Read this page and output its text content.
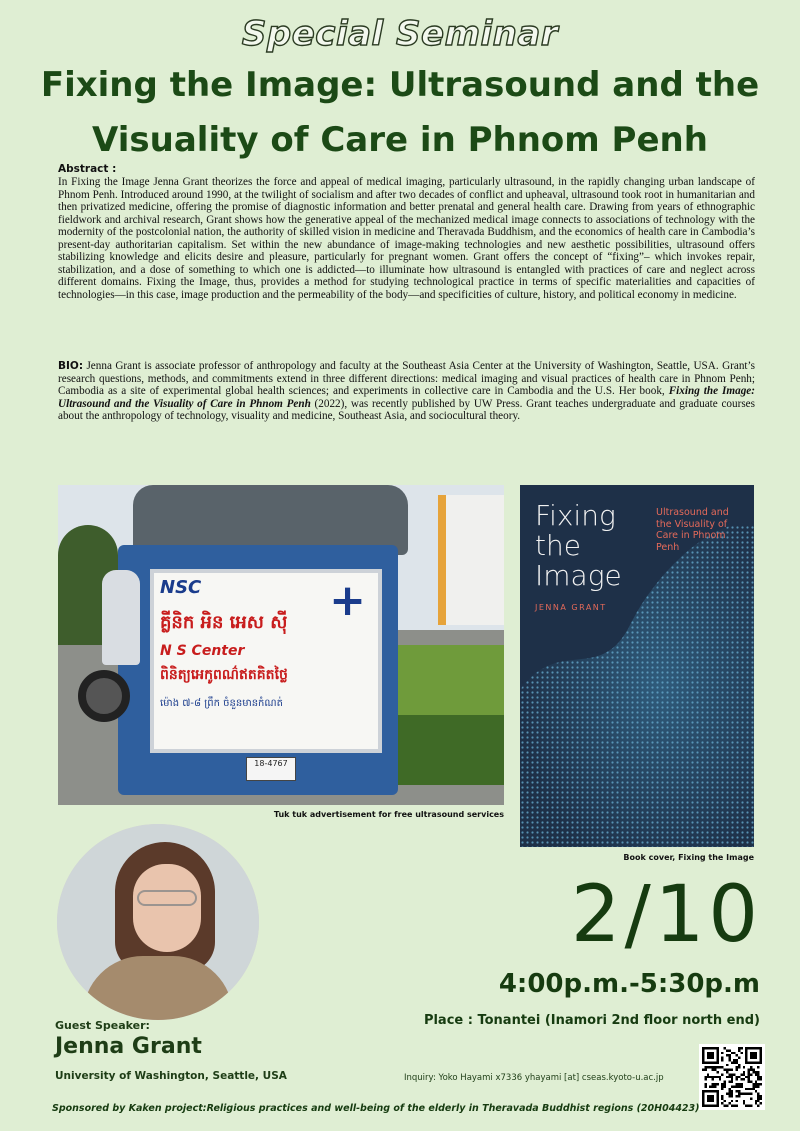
Special Seminar
Fixing the Image: Ultrasound and the Visuality of Care in Phnom Penh
Abstract :

In Fixing the Image Jenna Grant theorizes the force and appeal of medical imaging, particularly ultrasound, in the rapidly changing urban landscape of Phnom Penh. Introduced around 1990, at the twilight of socialism and after two decades of conflict and upheaval, ultrasound took root in humanitarian and then privatized medicine, offering the promise of diagnostic information and better prenatal and general health care. Drawing from years of ethnographic fieldwork and archival research, Grant shows how the generative appeal of the mechanized medical image connects to associations of technology with the modernity of the postcolonial nation, the authority of skilled vision in medicine and Theravada Buddhism, and the economics of health care in Cambodia’s present-day authoritarian capitalism. Set within the new abundance of image-making technologies and new aesthetic possibilities, ultrasound offers stabilizing knowledge and elicits desire and pleasure, particularly for pregnant women. Grant offers the concept of “fixing”– which invokes repair, stabilization, and a dose of something to which one is addicted—to illuminate how ultrasound is entangled with practices of care and neglect across different domains. Fixing the Image, thus, provides a method for studying technological practice in terms of specific materialities and capacities of technologies—in this case, image production and the permeability of the body—and specificities of culture, history, and political economy in medicine.

BIO: Jenna Grant is associate professor of anthropology and faculty at the Southeast Asia Center at the University of Washington, Seattle, USA. Grant’s research questions, methods, and commitments extend in three different directions: medical imaging and visual practices of health care in Phnom Penh; Cambodia as a site of experimental global health sciences; and experiments in collective care in Cambodia and the U.S. Her book, Fixing the Image: Ultrasound and the Visuality of Care in Phnom Penh (2022), was recently published by UW Press. Grant teaches undergraduate and graduate courses about the anthropology of technology, visuality and medicine, Southeast Asia, and sociocultural theory.

NSC	+
គ្លីនិក អិន អេស ស៊ី
N S Center
ពិនិត្យអេកូពណ៌ឥតគិតថ្លៃ
ម៉ោង ៧-៨ ព្រឹក ចំនួនមានកំណត់
18-4767
Tuk tuk advertisement for free ultrasound services
Fixing the Image
Ultrasound and the Visuality of Care in Phnom Penh
JENNA GRANT
Book cover, Fixing the Image
Guest Speaker:
Jenna Grant
University of Washington, Seattle, USA
2/10
4:00p.m.-5:30p.m
Place : Tonantei (Inamori 2nd floor north end)
Inquiry: Yoko Hayami x7336 yhayami [at] cseas.kyoto-u.ac.jp
Sponsored by Kaken project:Religious practices and well-being of the elderly in Theravada Buddhist regions (20H04423)
